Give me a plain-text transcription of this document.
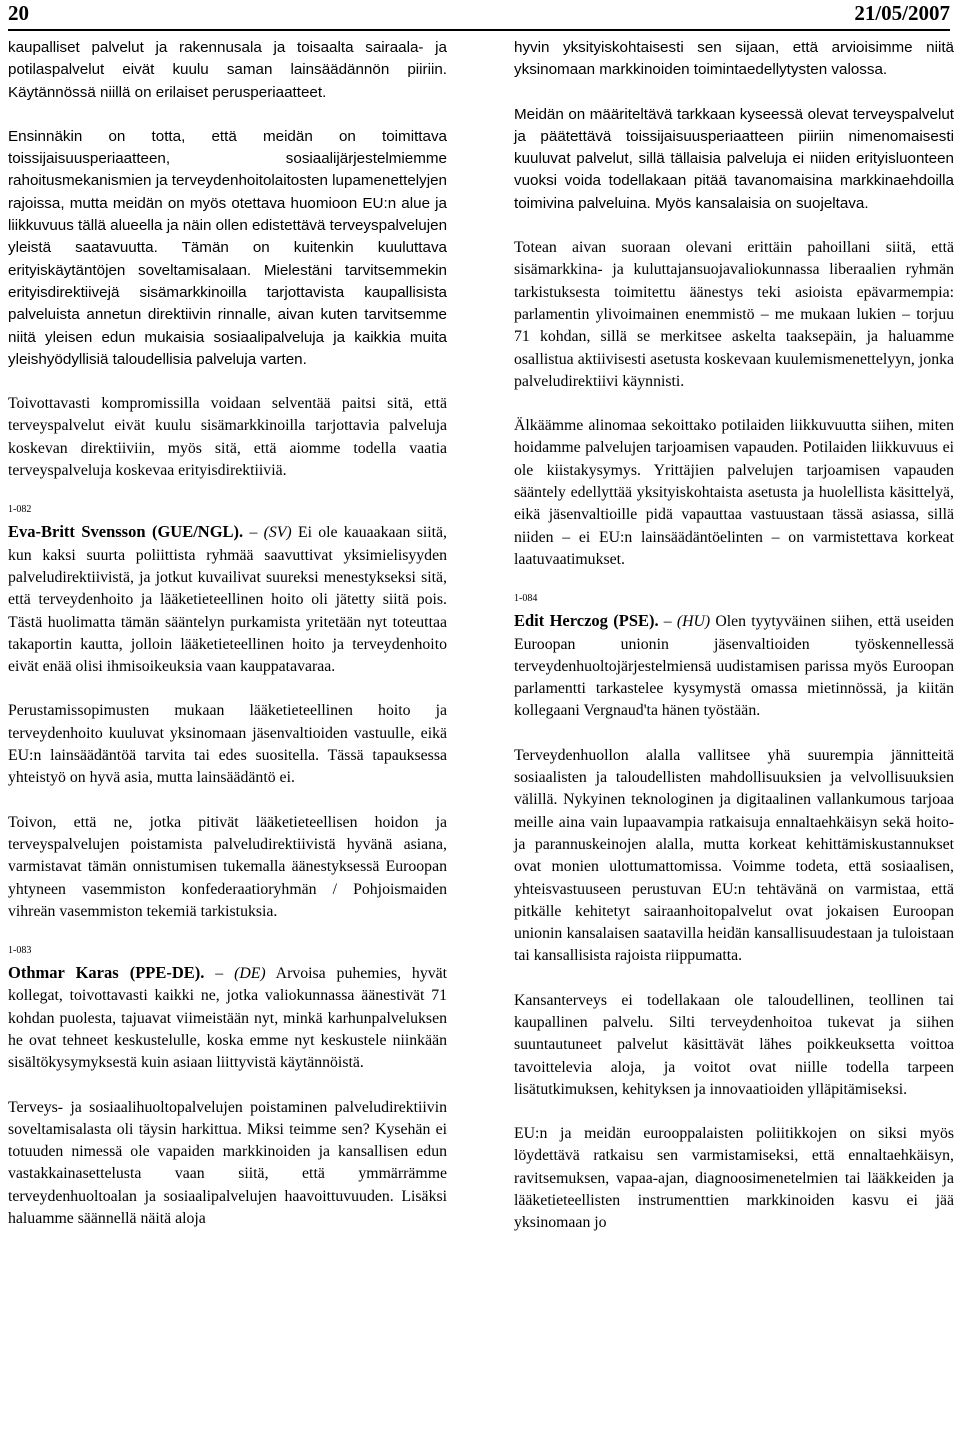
20	21/05/2007

kaupalliset palvelut ja rakennusala ja toisaalta sairaala- ja potilaspalvelut eivät kuulu saman lainsäädännön piiriin. Käytännössä niillä on erilaiset perusperiaatteet.

Ensinnäkin on totta, että meidän on toimittava toissijaisuusperiaatteen, sosiaalijärjestelmiemme rahoitusmekanismien ja terveydenhoitolaitosten lupamenettelyjen rajoissa, mutta meidän on myös otettava huomioon EU:n alue ja liikkuvuus tällä alueella ja näin ollen edistettävä terveyspalvelujen yleistä saatavuutta. Tämän on kuitenkin kuuluttava erityiskäytäntöjen soveltamisalaan. Mielestäni tarvitsemmekin erityisdirektiivejä sisämarkkinoilla tarjottavista kaupallisista palveluista annetun direktiivin rinnalle, aivan kuten tarvitsemme niitä yleisen edun mukaisia sosiaalipalveluja ja kaikkia muita yleishyödyllisiä taloudellisia palveluja varten.

Toivottavasti kompromissilla voidaan selventää paitsi sitä, että terveyspalvelut eivät kuulu sisämarkkinoilla tarjottavia palveluja koskevan direktiiviin, myös sitä, että aiomme todella vaatia terveyspalveluja koskevaa erityisdirektiiviä.

1-082

Eva-Britt Svensson (GUE/NGL). – (SV) Ei ole kauaakaan siitä, kun kaksi suurta poliittista ryhmää saavuttivat yksimielisyyden palveludirektiivistä, ja jotkut kuvailivat suureksi menestykseksi sitä, että terveydenhoito ja lääketieteellinen hoito oli jätetty siitä pois. Tästä huolimatta tämän sääntelyn purkamista yritetään nyt toteuttaa takaportin kautta, jolloin lääketieteellinen hoito ja terveydenhoito eivät enää olisi ihmisoikeuksia vaan kauppatavaraa.

Perustamissopimusten mukaan lääketieteellinen hoito ja terveydenhoito kuuluvat yksinomaan jäsenvaltioiden vastuulle, eikä EU:n lainsäädäntöä tarvita tai edes suositella. Tässä tapauksessa yhteistyö on hyvä asia, mutta lainsäädäntö ei.

Toivon, että ne, jotka pitivät lääketieteellisen hoidon ja terveyspalvelujen poistamista palveludirektiivistä hyvänä asiana, varmistavat tämän onnistumisen tukemalla äänestyksessä Euroopan yhtyneen vasemmiston konfederaatioryhmän / Pohjoismaiden vihreän vasemmiston tekemiä tarkistuksia.

1-083

Othmar Karas (PPE-DE). – (DE) Arvoisa puhemies, hyvät kollegat, toivottavasti kaikki ne, jotka valiokunnassa äänestivät 71 kohdan puolesta, tajuavat viimeistään nyt, minkä karhunpalveluksen he ovat tehneet keskustelulle, koska emme nyt keskustele niinkään sisältökysymyksestä kuin asiaan liittyvistä käytännöistä.

Terveys- ja sosiaalihuoltopalvelujen poistaminen palveludirektiivin soveltamisalasta oli täysin harkittua. Miksi teimme sen? Kysehän ei totuuden nimessä ole vapaiden markkinoiden ja kansallisen edun vastakkainasettelusta vaan siitä, että ymmärrämme terveydenhuoltoalan ja sosiaalipalvelujen haavoittuvuuden. Lisäksi haluamme säännellä näitä aloja

hyvin yksityiskohtaisesti sen sijaan, että arvioisimme niitä yksinomaan markkinoiden toimintaedellytysten valossa.

Meidän on määriteltävä tarkkaan kyseessä olevat terveyspalvelut ja päätettävä toissijaisuusperiaatteen piiriin nimenomaisesti kuuluvat palvelut, sillä tällaisia palveluja ei niiden erityisluonteen vuoksi voida todellakaan pitää tavanomaisina markkinaehdoilla toimivina palveluina. Myös kansalaisia on suojeltava.

Totean aivan suoraan olevani erittäin pahoillani siitä, että sisämarkkina- ja kuluttajansuojavaliokunnassa liberaalien ryhmän tarkistuksesta toimitettu äänestys teki asioista epävarmempia: parlamentin ylivoimainen enemmistö – me mukaan lukien – torjuu 71 kohdan, sillä se merkitsee askelta taaksepäin, ja haluamme osallistua aktiivisesti asetusta koskevaan kuulemismenettelyyn, jonka palveludirektiivi käynnisti.

Älkäämme alinomaa sekoittako potilaiden liikkuvuutta siihen, miten hoidamme palvelujen tarjoamisen vapauden. Potilaiden liikkuvuus ei ole kiistakysymys. Yrittäjien palvelujen tarjoamisen vapauden sääntely edellyttää yksityiskohtaista asetusta ja huolellista käsittelyä, eikä jäsenvaltioille pidä vapauttaa vastuustaan tässä asiassa, sillä niiden – ei EU:n lainsäädäntöelinten – on varmistettava korkeat laatuvaatimukset.

1-084

Edit Herczog (PSE). – (HU) Olen tyytyväinen siihen, että useiden Euroopan unionin jäsenvaltioiden työskennellessä terveydenhuoltojärjestelmiensä uudistamisen parissa myös Euroopan parlamentti tarkastelee kysymystä omassa mietinnössä, ja kiitän kollegaani Vergnaud'ta hänen työstään.

Terveydenhuollon alalla vallitsee yhä suurempia jännitteitä sosiaalisten ja taloudellisten mahdollisuuksien ja velvollisuuksien välillä. Nykyinen teknologinen ja digitaalinen vallankumous tarjoaa meille aina vain lupaavampia ratkaisuja ennaltaehkäisyn sekä hoito- ja parannuskeinojen alalla, mutta korkeat kehittämiskustannukset ovat monien ulottumattomissa. Voimme todeta, että sosiaalisen, yhteisvastuuseen perustuvan EU:n tehtävänä on varmistaa, että pitkälle kehitetyt sairaanhoitopalvelut ovat jokaisen Euroopan unionin kansalaisen saatavilla heidän kansallisuudestaan ja tuloistaan tai kansallisista rajoista riippumatta.

Kansanterveys ei todellakaan ole taloudellinen, teollinen tai kaupallinen palvelu. Silti terveydenhoitoa tukevat ja siihen suuntautuneet palvelut käsittävät lähes poikkeuksetta voittoa tavoittelevia aloja, ja voitot ovat niille todella tarpeen lisätutkimuksen, kehityksen ja innovaatioiden ylläpitämiseksi.

EU:n ja meidän eurooppalaisten poliitikkojen on siksi myös löydettävä ratkaisu sen varmistamiseksi, että ennaltaehkäisyn, ravitsemuksen, vapaa-ajan, diagnoosimenetelmien tai lääkkeiden ja lääketieteellisten instrumenttien markkinoiden kasvu ei jää yksinomaan jo
